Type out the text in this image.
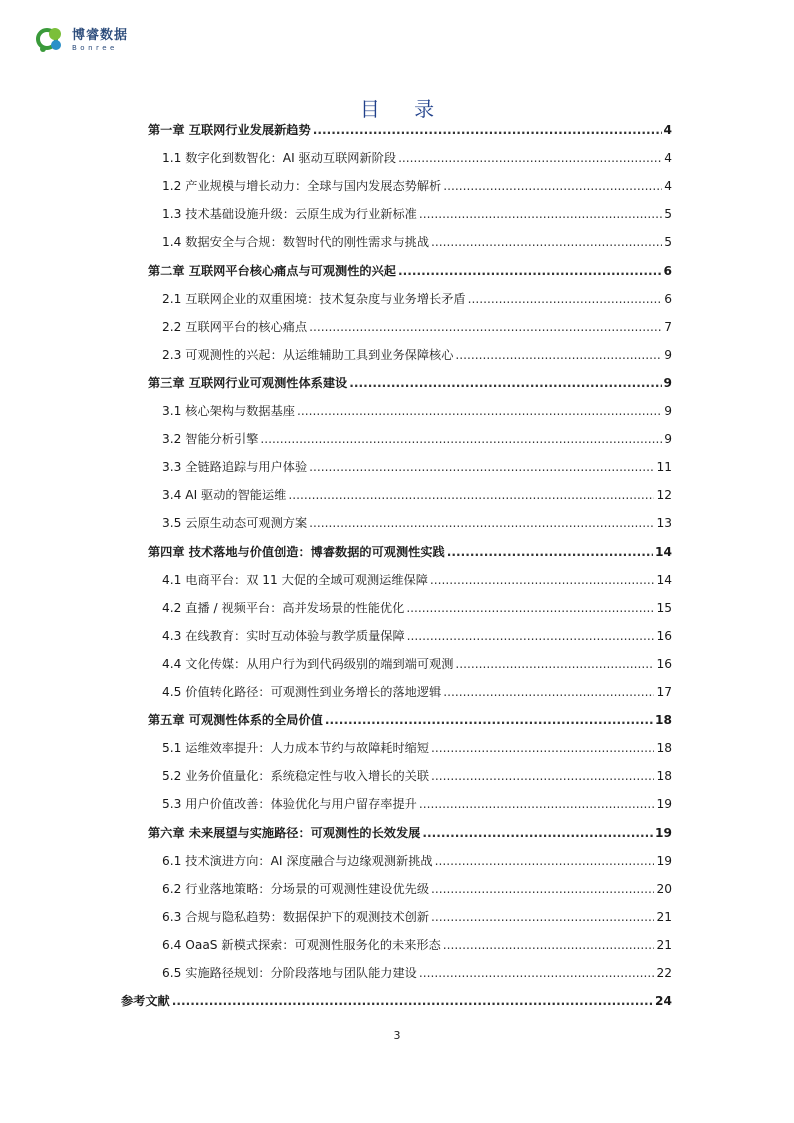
博睿数据
Bonree
目 录
第一章 互联网行业发展新趋势 .....	4
1.1 数字化到数智化：AI 驱动互联网新阶段 .....	4
1.2 产业规模与增长动力：全球与国内发展态势解析 .....	4
1.3 技术基础设施升级：云原生成为行业新标准 .....	5
1.4 数据安全与合规：数智时代的刚性需求与挑战 .....	5
第二章 互联网平台核心痛点与可观测性的兴起 .....	6
2.1 互联网企业的双重困境：技术复杂度与业务增长矛盾 .....	6
2.2 互联网平台的核心痛点 .....	7
2.3 可观测性的兴起：从运维辅助工具到业务保障核心 .....	9
第三章 互联网行业可观测性体系建设 .....	9
3.1 核心架构与数据基座 .....	9
3.2 智能分析引擎 .....	9
3.3 全链路追踪与用户体验 .....	11
3.4 AI 驱动的智能运维 .....	12
3.5 云原生动态可观测方案 .....	13
第四章 技术落地与价值创造：博睿数据的可观测性实践 .....	14
4.1 电商平台：双 11 大促的全域可观测运维保障 .....	14
4.2 直播 / 视频平台：高并发场景的性能优化 .....	15
4.3 在线教育：实时互动体验与教学质量保障 .....	16
4.4 文化传媒：从用户行为到代码级别的端到端可观测 .....	16
4.5 价值转化路径：可观测性到业务增长的落地逻辑 .....	17
第五章 可观测性体系的全局价值 .....	18
5.1 运维效率提升：人力成本节约与故障耗时缩短 .....	18
5.2 业务价值量化：系统稳定性与收入增长的关联 .....	18
5.3 用户价值改善：体验优化与用户留存率提升 .....	19
第六章 未来展望与实施路径：可观测性的长效发展 .....	19
6.1 技术演进方向：AI 深度融合与边缘观测新挑战 .....	19
6.2 行业落地策略：分场景的可观测性建设优先级 .....	20
6.3 合规与隐私趋势：数据保护下的观测技术创新 .....	21
6.4 OaaS 新模式探索：可观测性服务化的未来形态 .....	21
6.5 实施路径规划：分阶段落地与团队能力建设 .....	22
参考文献 .....	24
3
